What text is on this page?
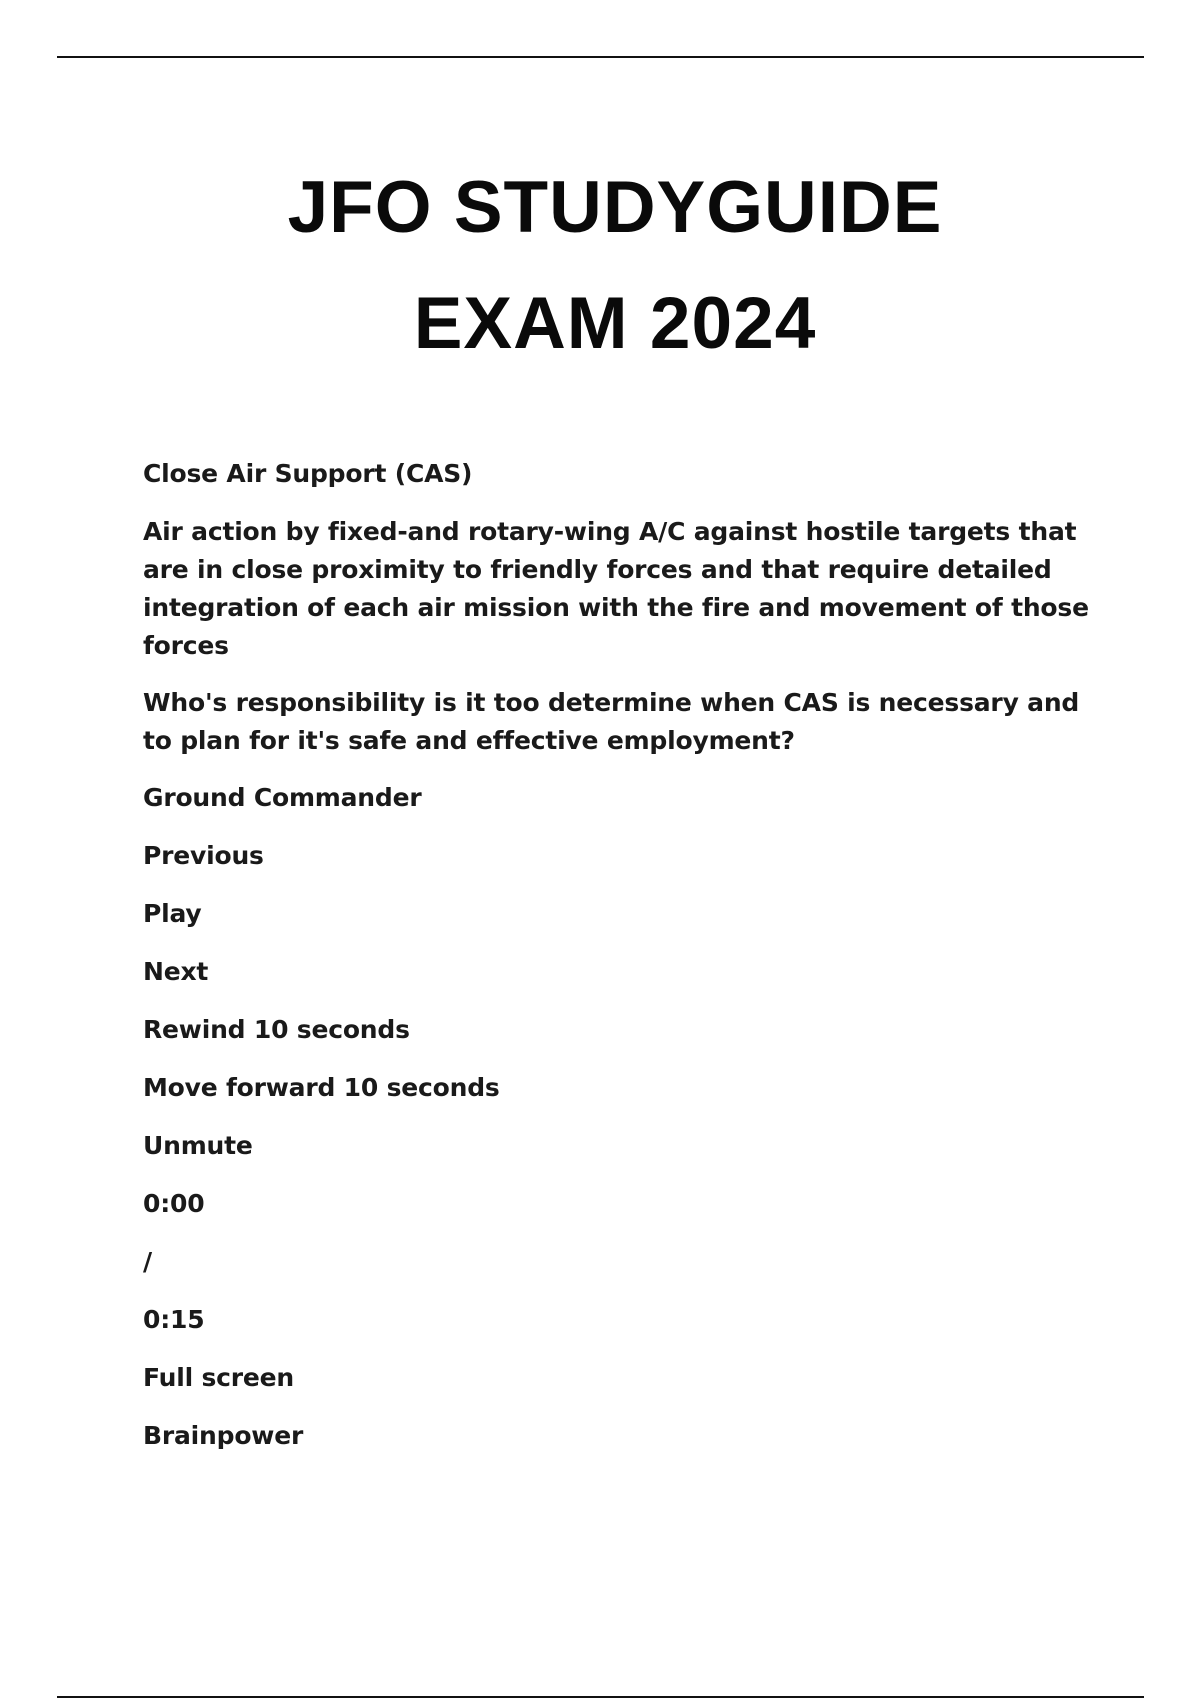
JFO STUDYGUIDE
EXAM 2024

Close Air Support (CAS)

Air action by fixed-and rotary-wing A/C against hostile targets that are in close proximity to friendly forces and that require detailed integration of each air mission with the fire and movement of those forces

Who's responsibility is it too determine when CAS is necessary and to plan for it's safe and effective employment?

Ground Commander

Previous

Play

Next

Rewind 10 seconds

Move forward 10 seconds

Unmute

0:00

/

0:15

Full screen

Brainpower
